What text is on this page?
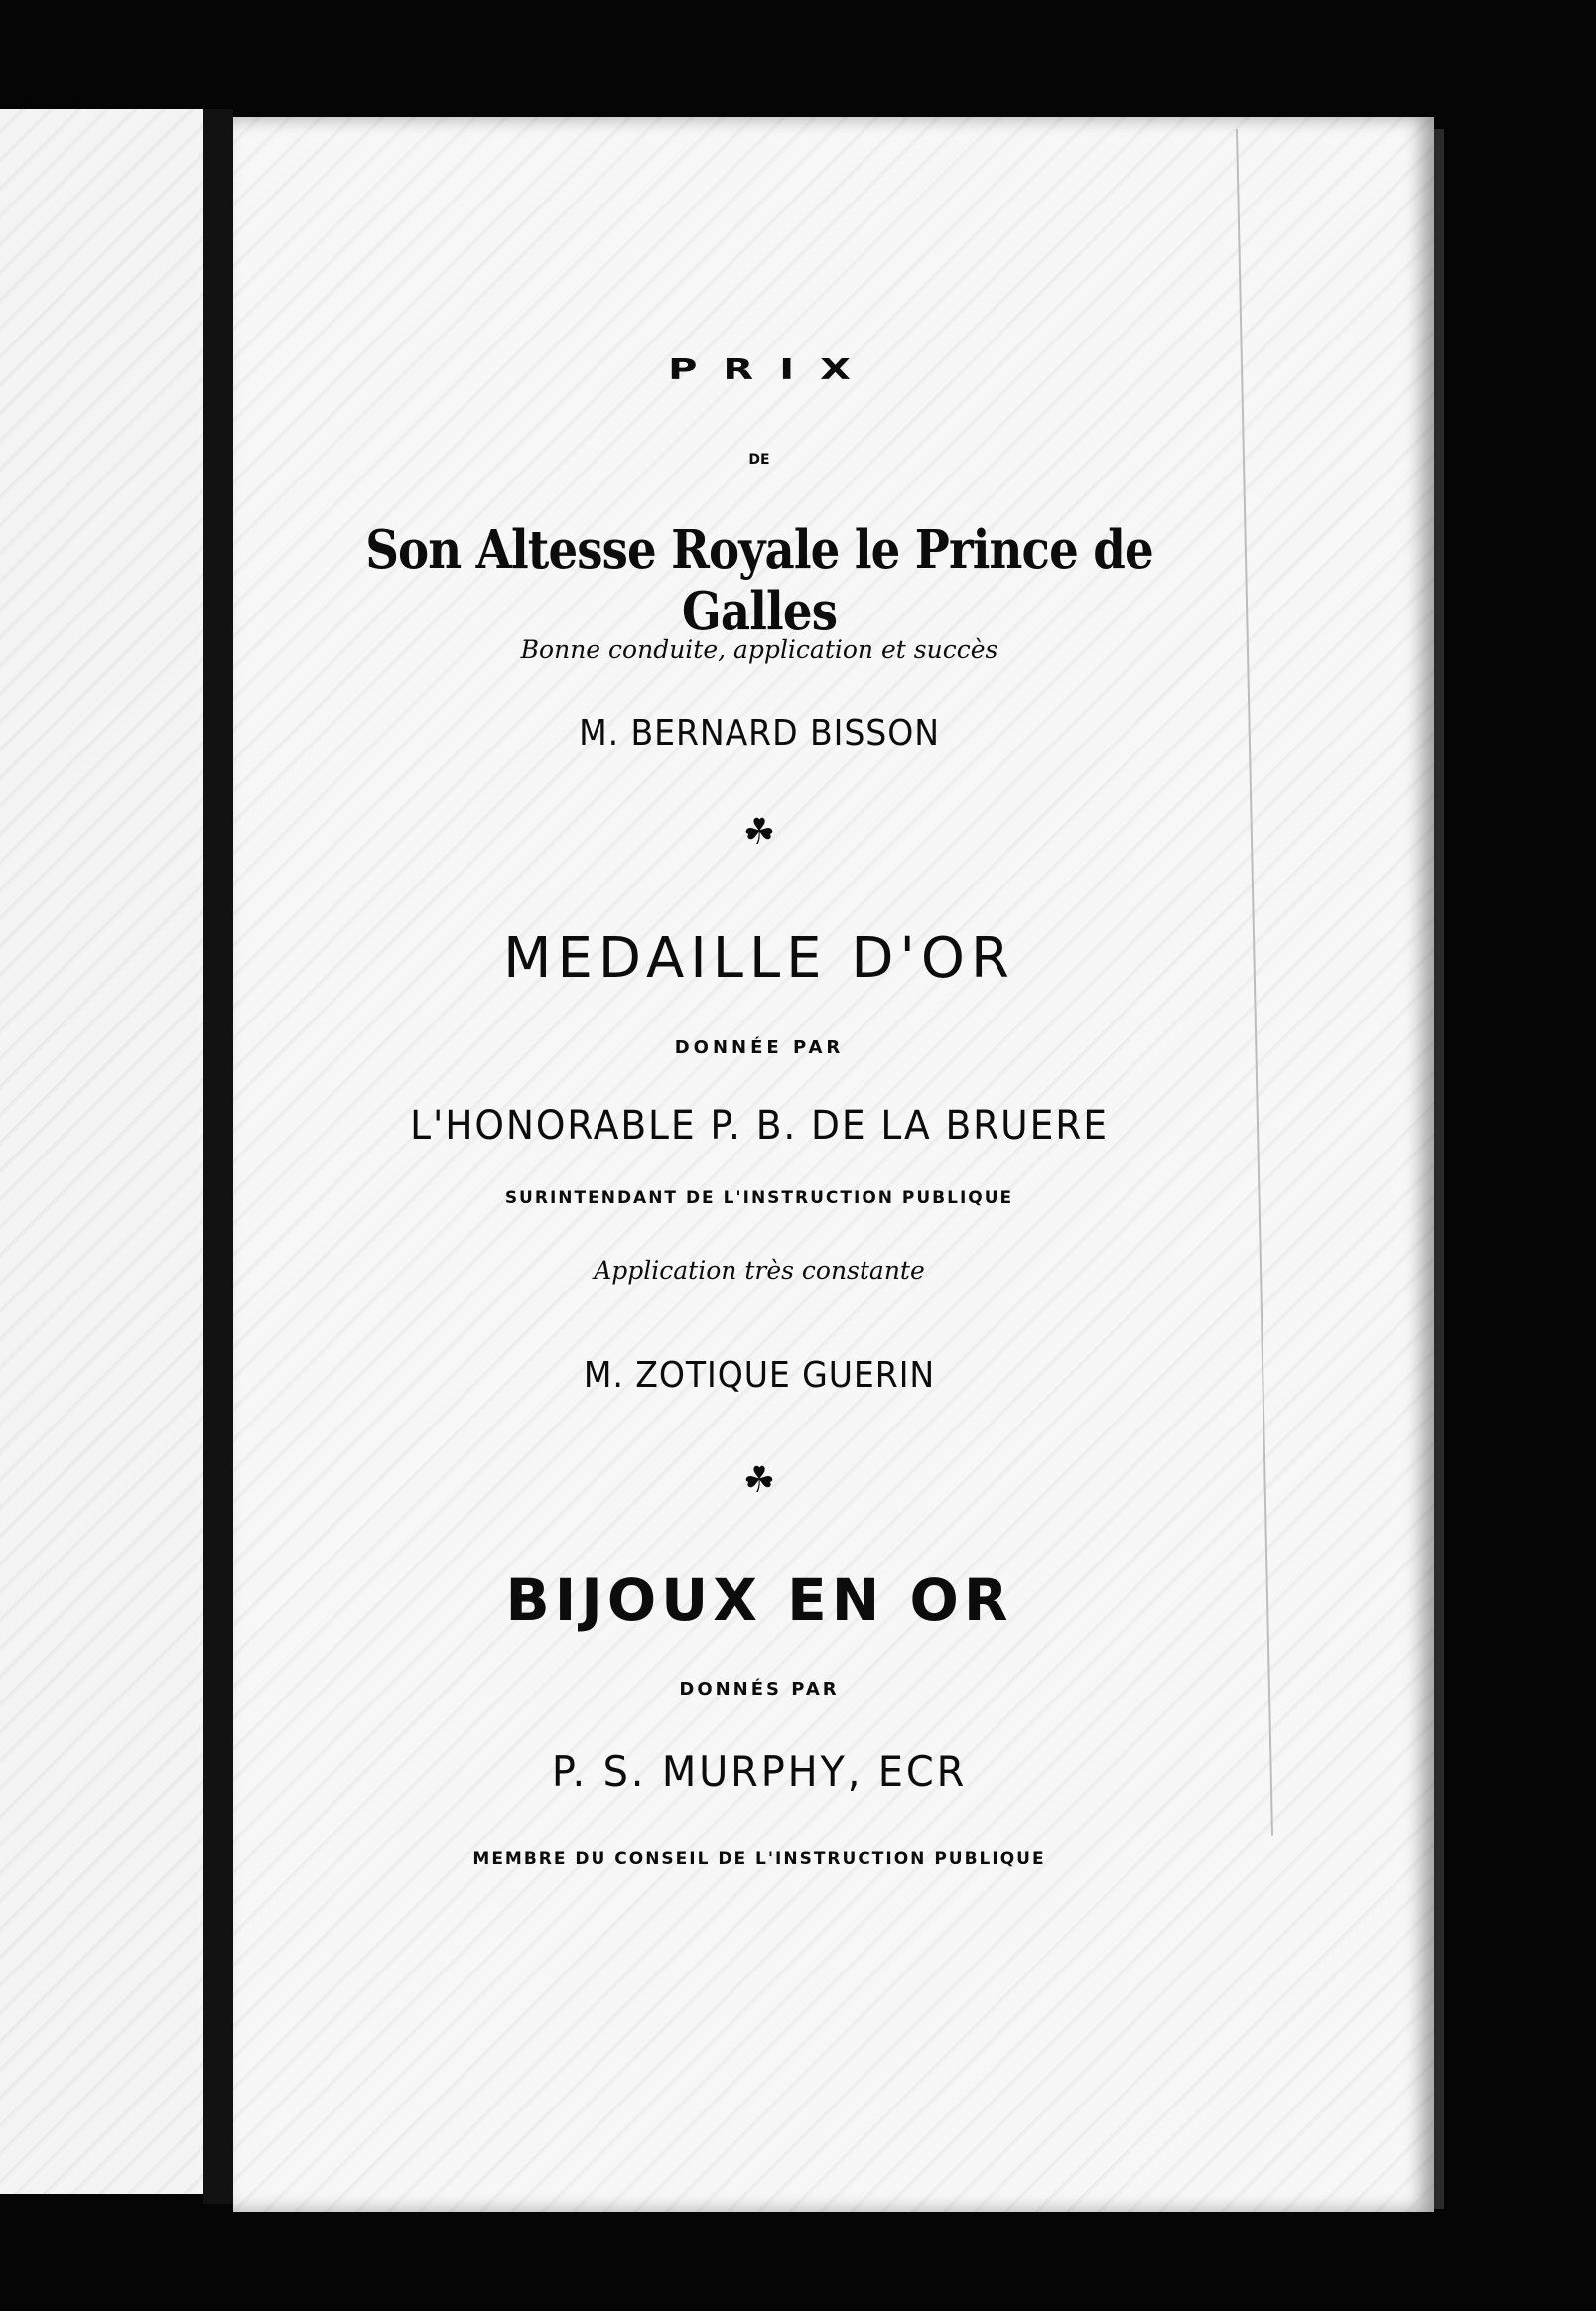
PRIX
DE
Son Altesse Royale le Prince de Galles
Bonne conduite, application et succès
M. BERNARD BISSON
☘
MEDAILLE D'OR
DONNÉE PAR
L'HONORABLE P. B. DE LA BRUERE
SURINTENDANT DE L'INSTRUCTION PUBLIQUE
Application très constante
M. ZOTIQUE GUERIN
☘
BIJOUX EN OR
DONNÉS PAR
P. S. MURPHY, ECR
MEMBRE DU CONSEIL DE L'INSTRUCTION PUBLIQUE
